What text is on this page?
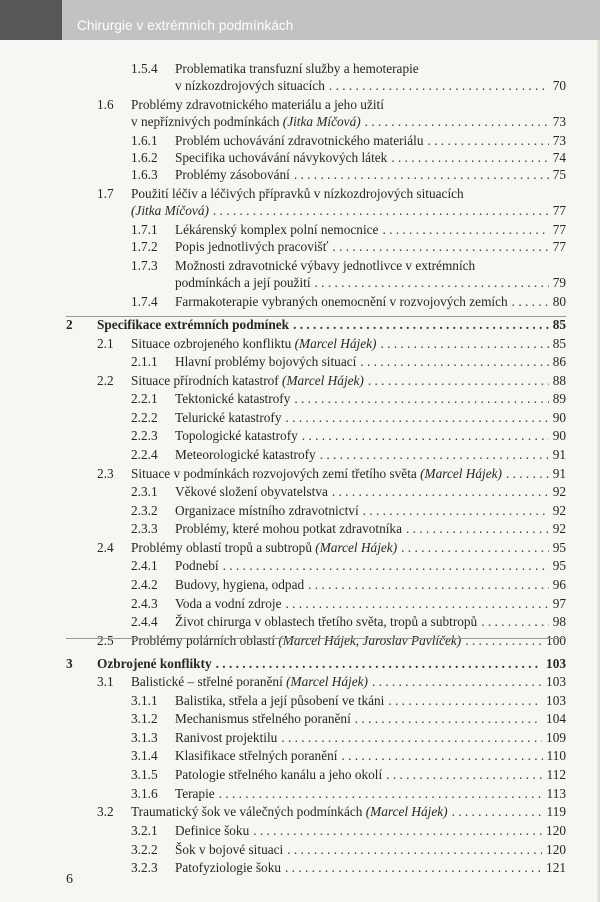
Chirurgie v extrémních podmínkách
1.5.4 Problematika transfuzní služby a hemoterapie
v nízkozdrojových situacích . . .	70
1.6 Problémy zdravotnického materiálu a jeho užití
v nepříznivých podmínkách (Jitka Míčová) . . .	73
1.6.1 Problém uchovávání zdravotnického materiálu . . .	73
1.6.2 Specifika uchovávání návykových látek . . .	74
1.6.3 Problémy zásobování . . .	75
1.7 Použití léčiv a léčivých přípravků v nízkozdrojových situacích
(Jitka Míčová) . . .	77
1.7.1 Lékárenský komplex polní nemocnice . . .	77
1.7.2 Popis jednotlivých pracovišť . . .	77
1.7.3 Možnosti zdravotnické výbavy jednotlivce v extrémních
podmínkách a její použití . . .	79
1.7.4 Farmakoterapie vybraných onemocnění v rozvojových zemích . . .	80
2 Specifikace extrémních podmínek . . .	85
2.1 Situace ozbrojeného konfliktu (Marcel Hájek) . . .	85
2.1.1 Hlavní problémy bojových situací . . .	86
2.2 Situace přírodních katastrof (Marcel Hájek) . . .	88
2.2.1 Tektonické katastrofy . . .	89
2.2.2 Telurické katastrofy . . .	90
2.2.3 Topologické katastrofy . . .	90
2.2.4 Meteorologické katastrofy . . .	91
2.3 Situace v podmínkách rozvojových zemí třetího světa (Marcel Hájek) . . .	91
2.3.1 Věkové složení obyvatelstva . . .	92
2.3.2 Organizace místního zdravotnictví . . .	92
2.3.3 Problémy, které mohou potkat zdravotníka . . .	92
2.4 Problémy oblastí tropů a subtropů (Marcel Hájek) . . .	95
2.4.1 Podnebí . . .	95
2.4.2 Budovy, hygiena, odpad . . .	96
2.4.3 Voda a vodní zdroje . . .	97
2.4.4 Život chirurga v oblastech třetího světa, tropů a subtropů . . .	98
2.5 Problémy polárních oblastí (Marcel Hájek, Jaroslav Pavlíček) . . .	100
3 Ozbrojené konflikty . . .	103
3.1 Balistické – střelné poranění (Marcel Hájek) . . .	103
3.1.1 Balistika, střela a její působení ve tkáni . . .	103
3.1.2 Mechanismus střelného poranění . . .	104
3.1.3 Ranivost projektilu . . .	109
3.1.4 Klasifikace střelných poranění . . .	110
3.1.5 Patologie střelného kanálu a jeho okolí . . .	112
3.1.6 Terapie . . .	113
3.2 Traumatický šok ve válečných podmínkách (Marcel Hájek) . . .	119
3.2.1 Definice šoku . . .	120
3.2.2 Šok v bojové situaci . . .	120
3.2.3 Patofyziologie šoku . . .	121
6
